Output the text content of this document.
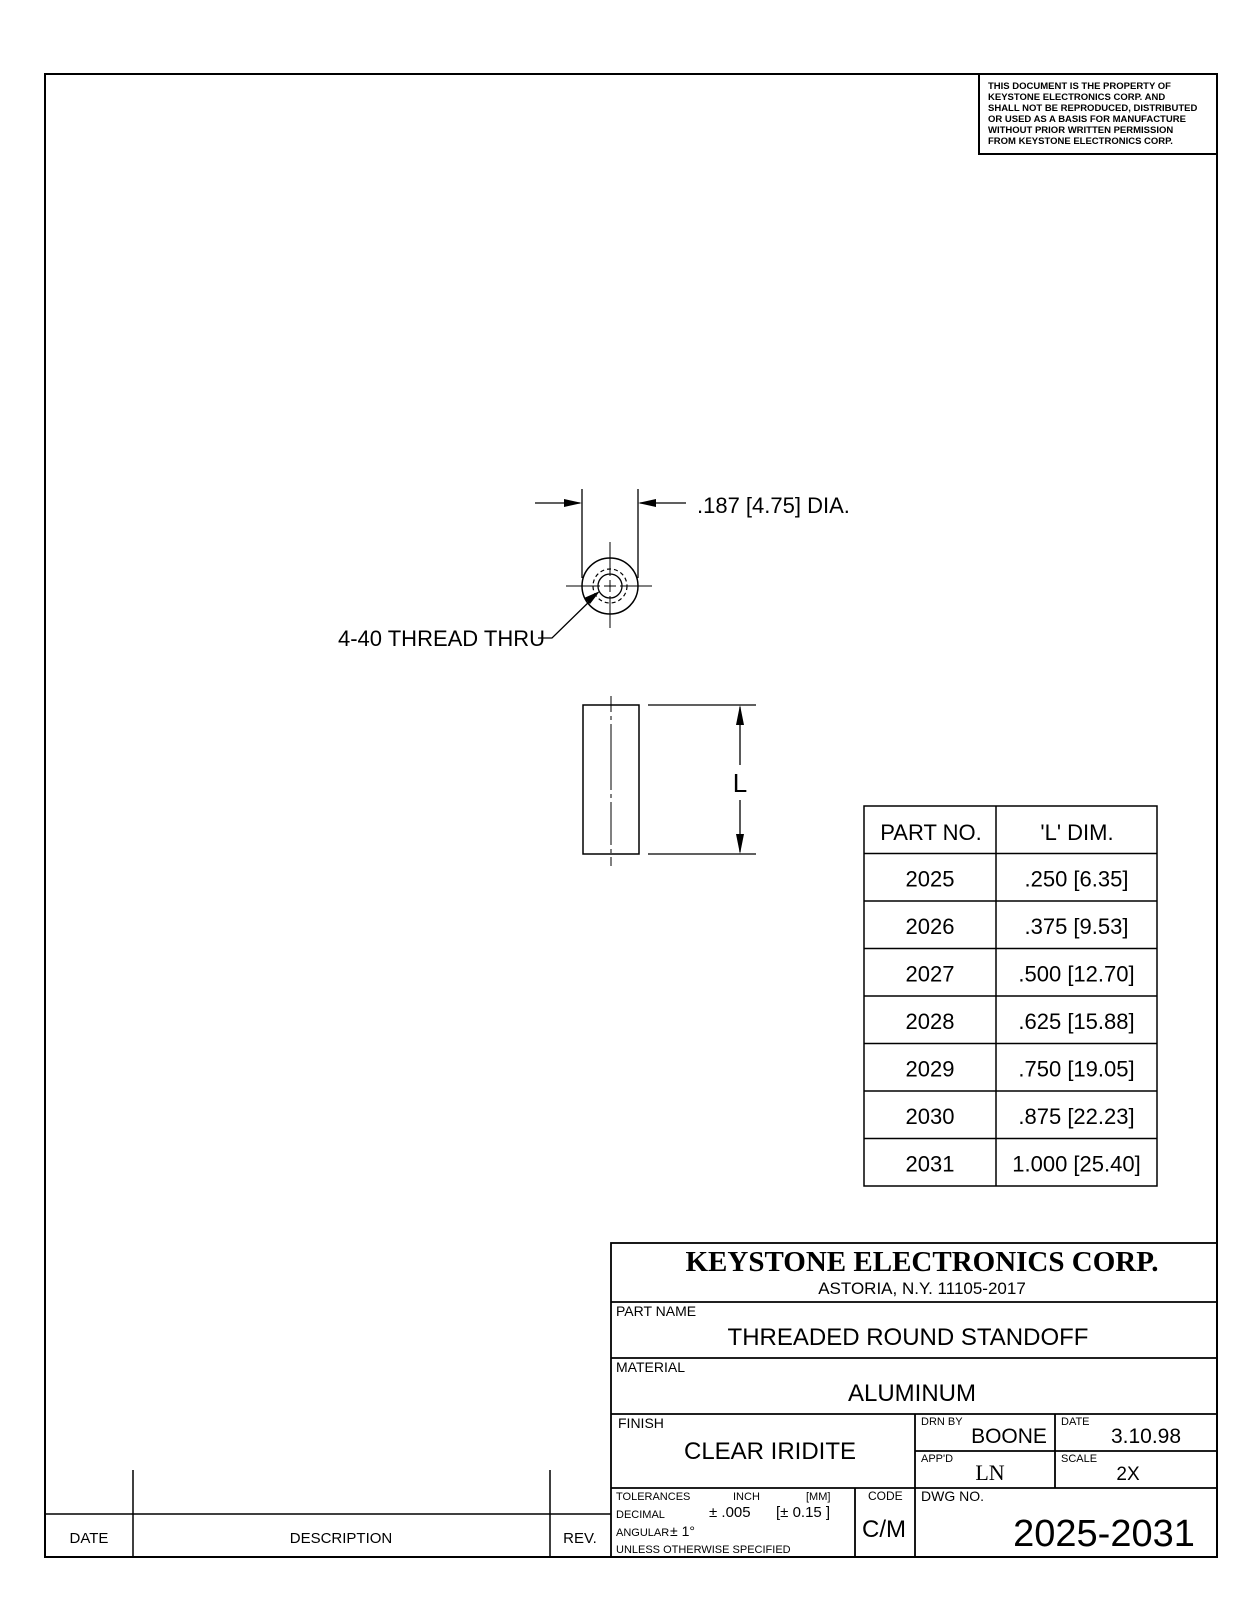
THIS DOCUMENT IS THE PROPERTY OF
KEYSTONE ELECTRONICS CORP. AND
SHALL NOT BE REPRODUCED, DISTRIBUTED
OR USED AS A BASIS FOR MANUFACTURE
WITHOUT PRIOR WRITTEN PERMISSION
FROM KEYSTONE ELECTRONICS CORP.
.187 [4.75] DIA.
4-40 THREAD THRU
L
PART NO.	'L' DIM.
2025	.250 [6.35]
2026	.375 [9.53]
2027	.500 [12.70]
2028	.625 [15.88]
2029	.750 [19.05]
2030	.875 [22.23]
2031	1.000 [25.40]
KEYSTONE ELECTRONICS CORP.
ASTORIA, N.Y. 11105-2017
PART NAME
THREADED ROUND STANDOFF
MATERIAL
ALUMINUM
FINISH
CLEAR IRIDITE
DRN BY
BOONE
DATE
3.10.98
APP'D
LN
SCALE
2X
TOLERANCES	INCH	[MM]
DECIMAL	± .005 [± 0.15 ]
ANGULAR ± 1°
UNLESS OTHERWISE SPECIFIED
CODE
C/M
DWG NO.
2025-2031
DATE	DESCRIPTION	REV.
